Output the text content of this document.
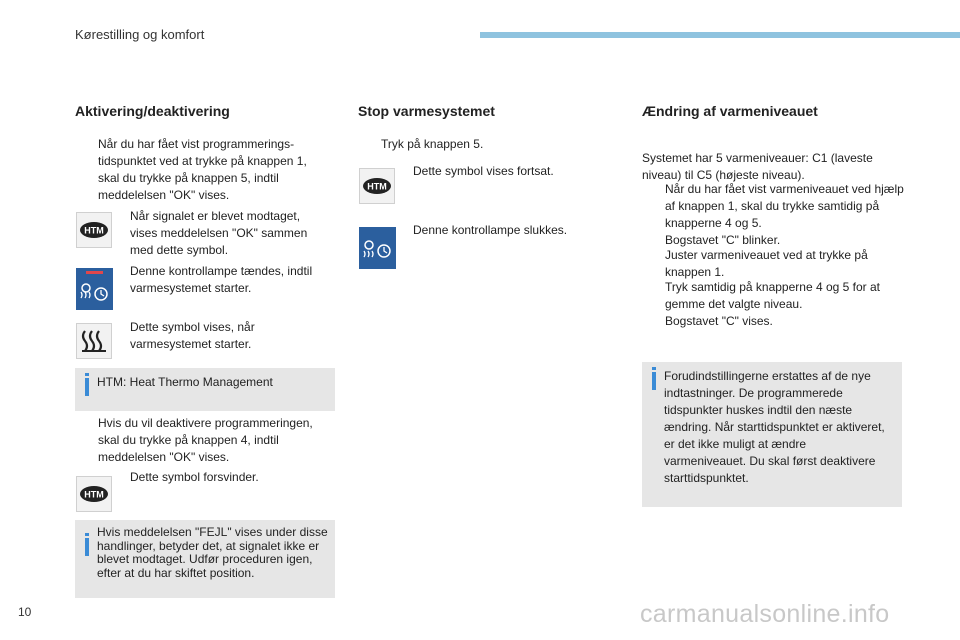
Kørestilling og komfort
Aktivering/deaktivering
Når du har fået vist programmerings-tidspunktet ved at trykke på knappen 1, skal du trykke på knappen 5, indtil meddelelsen "OK" vises.
HTM
Når signalet er blevet modtaget, vises meddelelsen "OK" sammen med dette symbol.
Denne kontrollampe tændes, indtil varmesystemet starter.
Dette symbol vises, når varmesystemet starter.
HTM: Heat Thermo Management
Hvis du vil deaktivere programmeringen, skal du trykke på knappen 4, indtil meddelelsen "OK" vises.
HTM
Dette symbol forsvinder.
Hvis meddelelsen "FEJL" vises under disse handlinger, betyder det, at signalet ikke er blevet modtaget. Udfør proceduren igen, efter at du har skiftet position.
Stop varmesystemet
Tryk på knappen 5.
HTM
Dette symbol vises fortsat.
Denne kontrollampe slukkes.
Ændring af varmeniveauet
Systemet har 5 varmeniveauer: C1 (laveste niveau) til C5 (højeste niveau).
Når du har fået vist varmeniveauet ved hjælp af knappen 1, skal du trykke samtidig på knapperne 4 og 5.
Bogstavet "C" blinker.
Juster varmeniveauet ved at trykke på knappen 1.
Tryk samtidig på knapperne 4 og 5 for at gemme det valgte niveau.
Bogstavet "C" vises.
Forudindstillingerne erstattes af de nye indtastninger. De programmerede tidspunkter huskes indtil den næste ændring. Når starttidspunktet er aktiveret, er det ikke muligt at ændre varmeniveauet. Du skal først deaktivere starttidspunktet.
10	carmanualsonline.info
